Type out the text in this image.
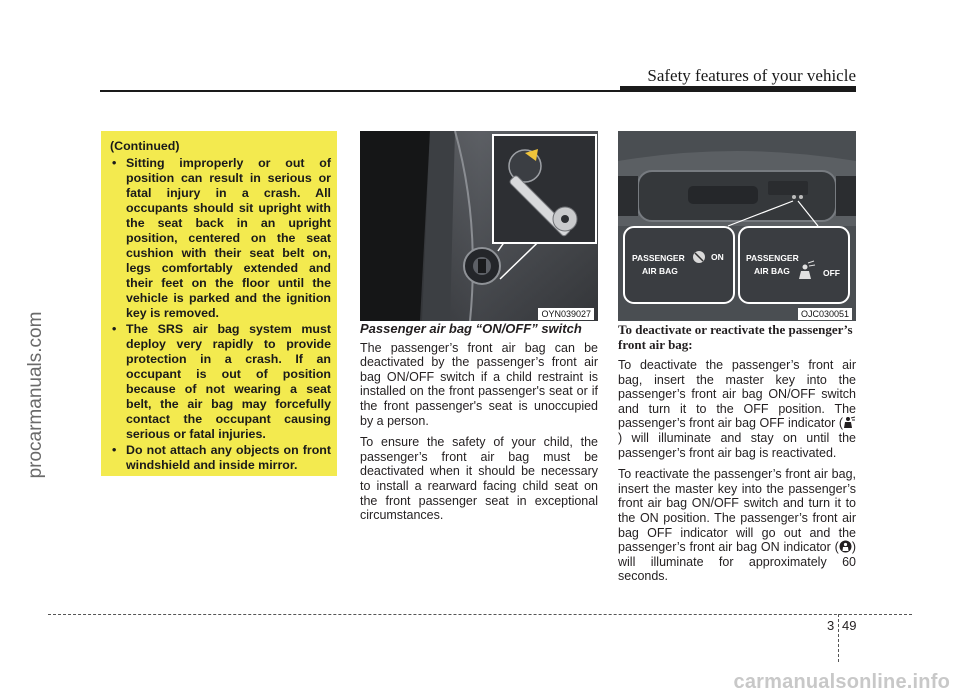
Safety features of your vehicle
procarmanuals.com
(Continued)
• Sitting improperly or out of position can result in serious or fatal injury in a crash. All occupants should sit upright with the seat back in an upright position, centered on the seat cushion with their seat belt on, legs comfortably extended and their feet on the floor until the vehicle is parked and the ignition key is removed.
• The SRS air bag system must deploy very rapidly to provide protection in a crash. If an occupant is out of position because of not wearing a seat belt, the air bag may forcefully contact the occupant causing serious or fatal injuries.
• Do not attach any objects on front windshield and inside mirror.
OYN039027
PASSENGER
AIR BAG
ON	PASSENGER
AIR BAG	OFF
OJC030051

Passenger air bag “ON/OFF” switch

The passenger’s front air bag can be deactivated by the passenger’s front air bag ON/OFF switch if a child restraint is installed on the front passenger's seat or if the front passenger's seat is unoccupied by a person.

To ensure the safety of your child, the passenger’s front air bag must be deactivated when it should be necessary to install a rearward facing child seat on the front passenger seat in exceptional circumstances.

To deactivate or reactivate the passenger’s front air bag:

To deactivate the passenger’s front air bag, insert the master key into the passenger’s front air bag ON/OFF switch and turn it to the OFF position. The passenger’s front air bag OFF indicator () will illuminate and stay on until the passenger’s front air bag is reactivated.

To reactivate the passenger’s front air bag, insert the master key into the passenger’s front air bag ON/OFF switch and turn it to the ON position. The passenger’s front air bag OFF indicator will go out and the passenger’s front air bag ON indicator ( ) will illuminate for approximately 60 seconds.

3 49
carmanualsonline.info
